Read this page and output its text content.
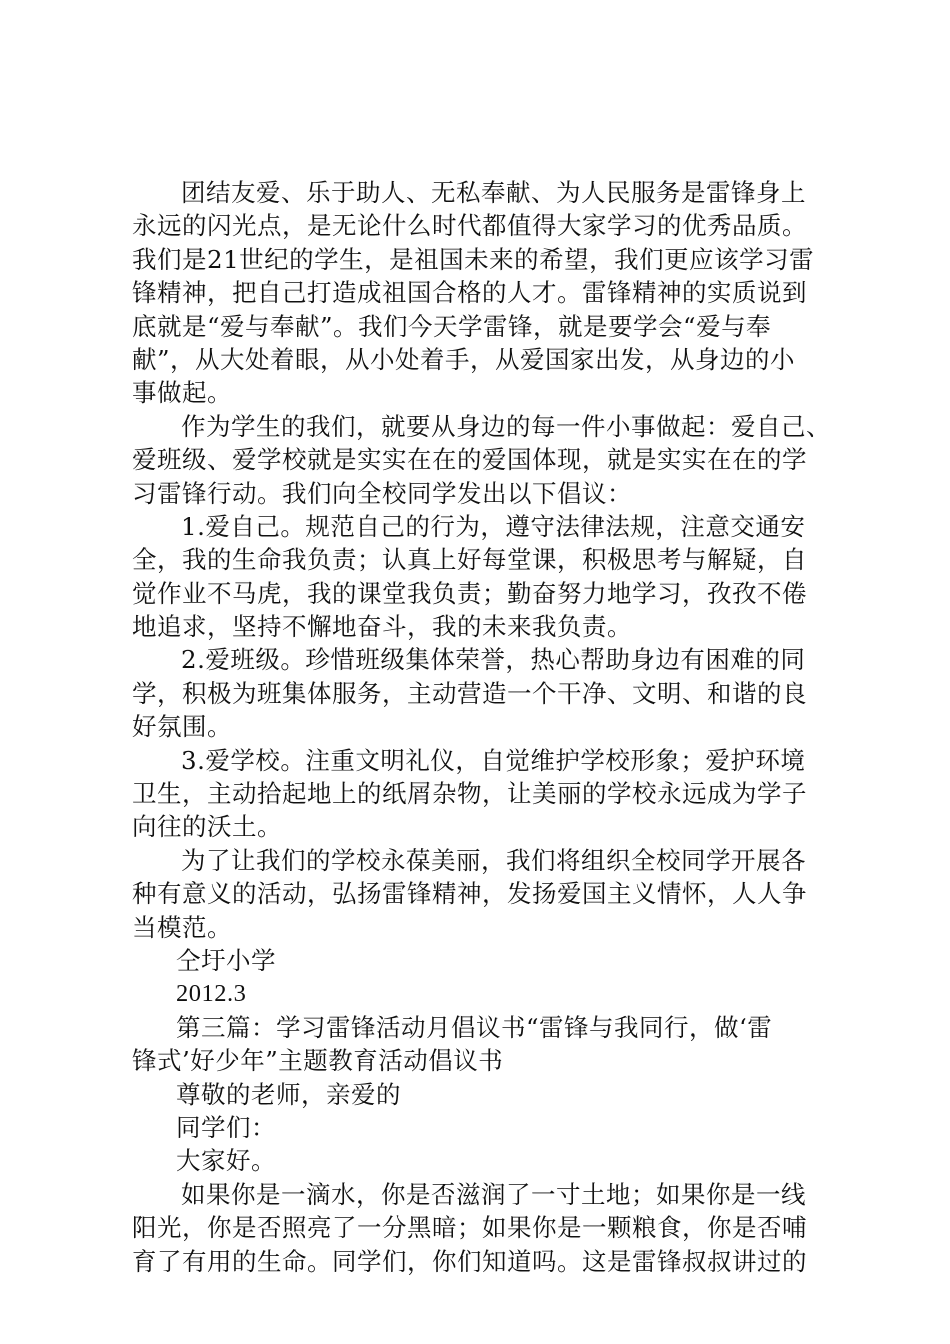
团结友爱、乐于助人、无私奉献、为人民服务是雷锋身上
永远的闪光点，是无论什么时代都值得大家学习的优秀品质。
我们是21世纪的学生，是祖国未来的希望，我们更应该学习雷
锋精神，把自己打造成祖国合格的人才。雷锋精神的实质说到
底就是“爱与奉献”。我们今天学雷锋，就是要学会“爱与奉
献”，从大处着眼，从小处着手，从爱国家出发，从身边的小
事做起。
作为学生的我们，就要从身边的每一件小事做起：爱自己、
爱班级、爱学校就是实实在在的爱国体现，就是实实在在的学
习雷锋行动。我们向全校同学发出以下倡议：
1.爱自己。规范自己的行为，遵守法律法规，注意交通安
全，我的生命我负责；认真上好每堂课，积极思考与解疑，自
觉作业不马虎，我的课堂我负责；勤奋努力地学习，孜孜不倦
地追求，坚持不懈地奋斗，我的未来我负责。
2.爱班级。珍惜班级集体荣誉，热心帮助身边有困难的同
学，积极为班集体服务，主动营造一个干净、文明、和谐的良
好氛围。
3.爱学校。注重文明礼仪，自觉维护学校形象；爱护环境
卫生，主动拾起地上的纸屑杂物，让美丽的学校永远成为学子
向往的沃土。
为了让我们的学校永葆美丽，我们将组织全校同学开展各
种有意义的活动，弘扬雷锋精神，发扬爱国主义情怀，人人争
当模范。
仝圩小学
2012.3
第三篇：学习雷锋活动月倡议书“雷锋与我同行，做‘雷
锋式’好少年”主题教育活动倡议书
尊敬的老师，亲爱的
同学们：
大家好。
如果你是一滴水，你是否滋润了一寸土地；如果你是一线
阳光，你是否照亮了一分黑暗；如果你是一颗粮食，你是否哺
育了有用的生命。同学们，你们知道吗。这是雷锋叔叔讲过的
